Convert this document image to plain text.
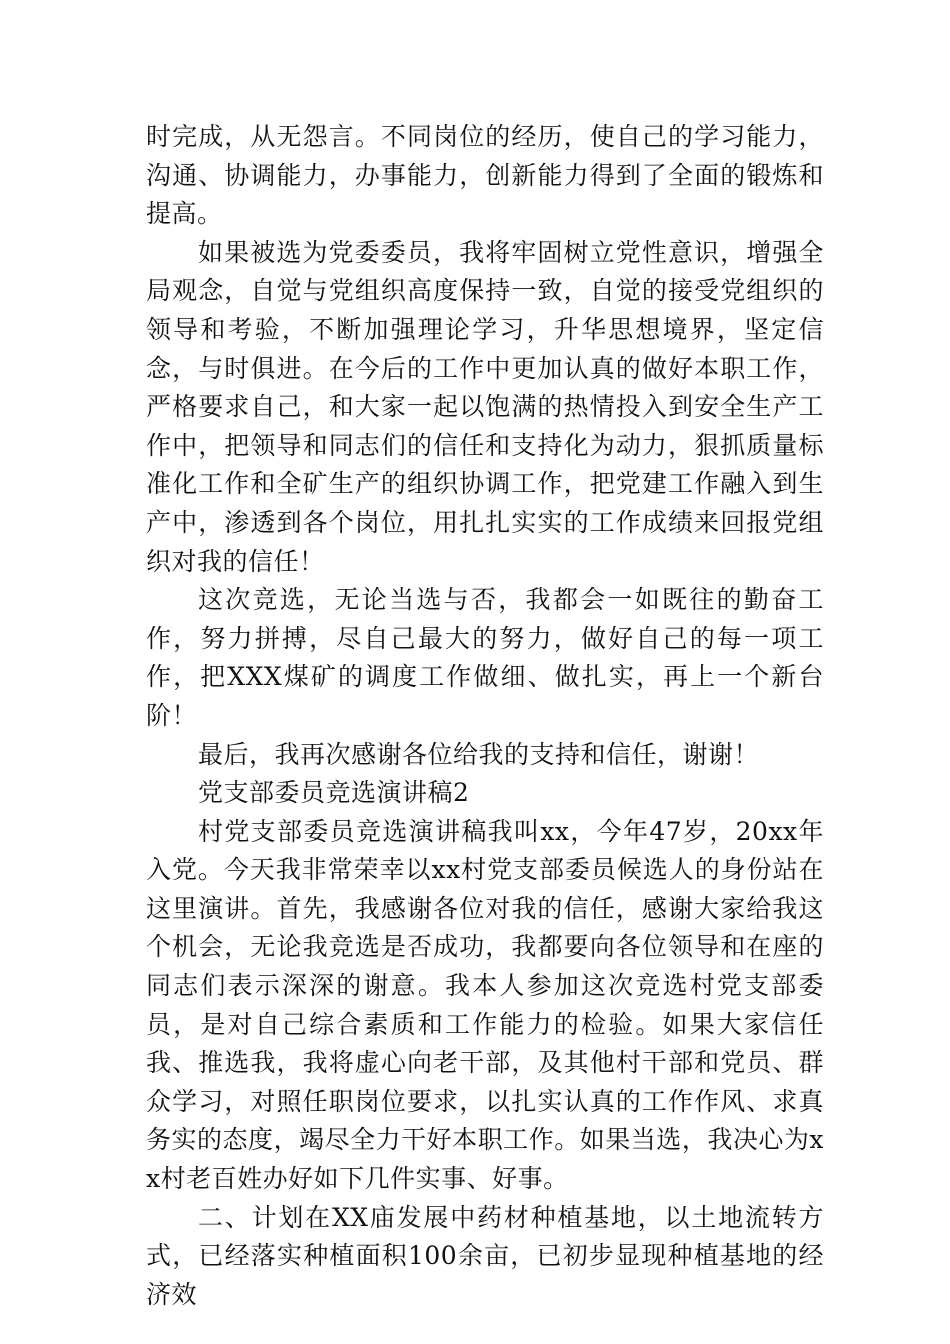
时完成，从无怨言。不同岗位的经历，使自己的学习能力，沟通、协调能力，办事能力，创新能力得到了全面的锻炼和提高。

如果被选为党委委员，我将牢固树立党性意识，增强全局观念，自觉与党组织高度保持一致，自觉的接受党组织的领导和考验，不断加强理论学习，升华思想境界，坚定信念，与时俱进。在今后的工作中更加认真的做好本职工作，严格要求自己，和大家一起以饱满的热情投入到安全生产工作中，把领导和同志们的信任和支持化为动力，狠抓质量标准化工作和全矿生产的组织协调工作，把党建工作融入到生产中，渗透到各个岗位，用扎扎实实的工作成绩来回报党组织对我的信任！

这次竞选，无论当选与否，我都会一如既往的勤奋工作，努力拼搏，尽自己最大的努力，做好自己的每一项工作，把XXX煤矿的调度工作做细、做扎实，再上一个新台阶！

最后，我再次感谢各位给我的支持和信任，谢谢！

党支部委员竞选演讲稿2

村党支部委员竞选演讲稿我叫xx，今年47岁，20xx年入党。今天我非常荣幸以xx村党支部委员候选人的身份站在这里演讲。首先，我感谢各位对我的信任，感谢大家给我这个机会，无论我竞选是否成功，我都要向各位领导和在座的同志们表示深深的谢意。我本人参加这次竞选村党支部委员，是对自己综合素质和工作能力的检验。如果大家信任我、推选我，我将虚心向老干部，及其他村干部和党员、群众学习，对照任职岗位要求，以扎实认真的工作作风、求真务实的态度，竭尽全力干好本职工作。如果当选，我决心为xx村老百姓办好如下几件实事、好事。

二、计划在XX庙发展中药材种植基地，以土地流转方式，已经落实种植面积100余亩，已初步显现种植基地的经济效
